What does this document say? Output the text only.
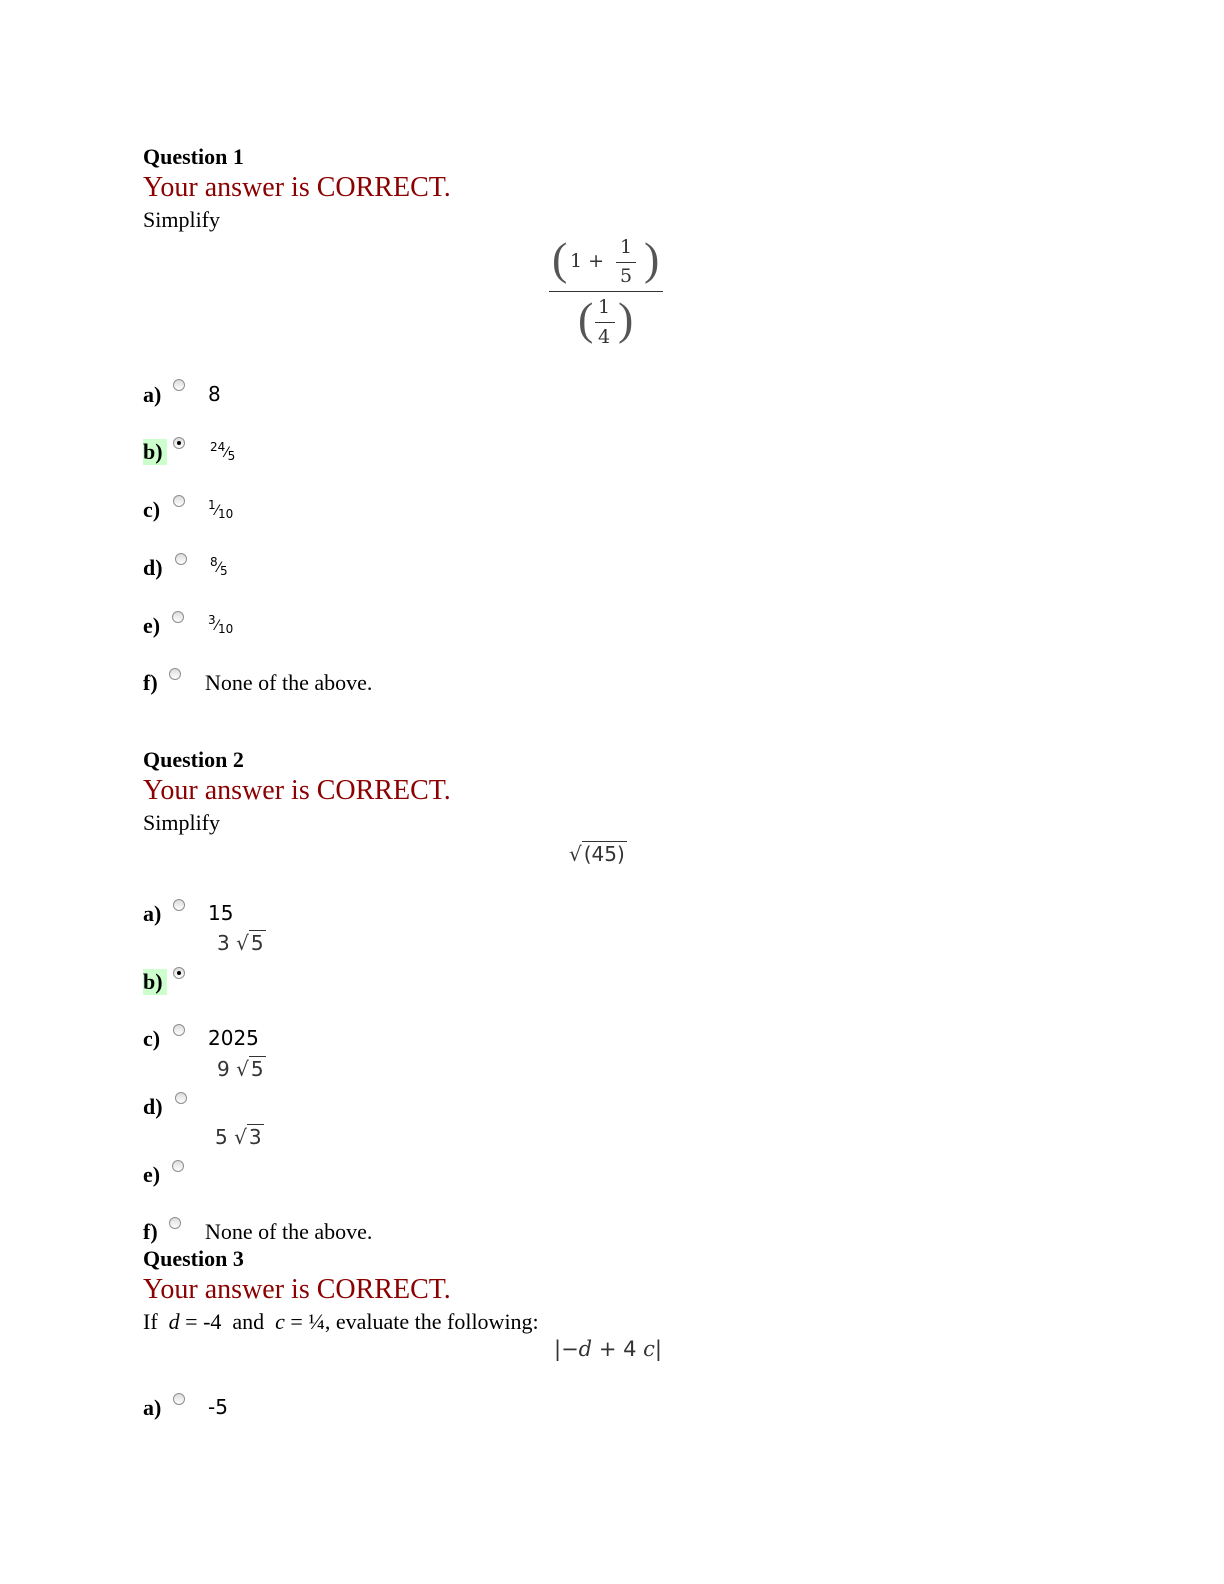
Question 1
Your answer is CORRECT.
Simplify
( 1 +
1
5 )
( 1
4 )
a) 8
b)	$^{24}⁄_5$
c)	$^1⁄_{10}$
d)	$^8⁄_5$
e)	$^3⁄_{10}$
f) None of the above.
Question 2
Your answer is CORRECT.
Simplify
√ (45)
a) 15
3 √ 5
b)
c) 2025
9 √ 5
d)
5 √ 3
e)
f) None of the above.
Question 3
Your answer is CORRECT.
If d = -4 and c = ¼, evaluate the following:
|−d + 4 c|
a) -5
